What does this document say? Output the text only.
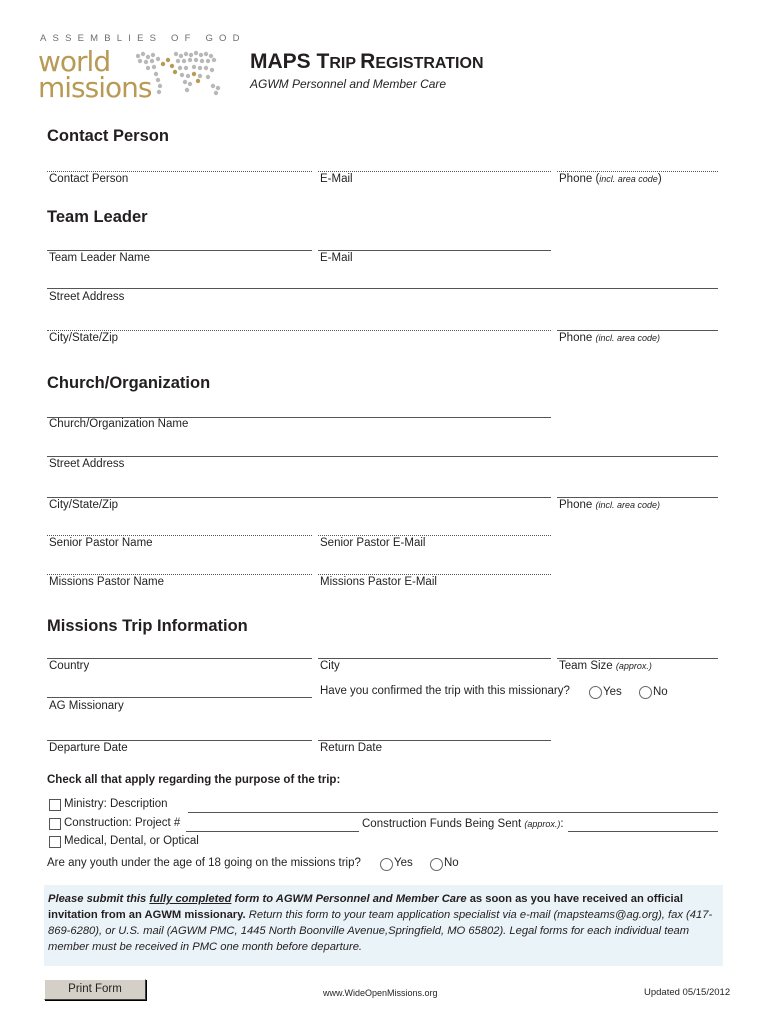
ASSEMBLIES OF GOD
world
missions
MAPS TRIP REGISTRATION
AGWM Personnel and Member Care
Contact Person
Contact Person	E-Mail	Phone (incl. area code)
Team Leader
Team Leader Name	E-Mail
Street Address
City/State/Zip	Phone (incl. area code)
Church/Organization
Church/Organization Name
Street Address
City/State/Zip	Phone (incl. area code)
Senior Pastor Name	Senior Pastor E-Mail
Missions Pastor Name	Missions Pastor E-Mail
Missions Trip Information
Country	City	Team Size (approx.)
AG Missionary
Have you confirmed the trip with this missionary?	Yes	No
Departure Date	Return Date
Check all that apply regarding the purpose of the trip:
Ministry: Description
Construction: Project #	Construction Funds Being Sent (approx.):
Medical, Dental, or Optical
Are any youth under the age of 18 going on the missions trip?	Yes	No
Please submit this fully completed form to AGWM Personnel and Member Care as soon as you have received an official invitation from an AGWM missionary. Return this form to your team application specialist via e-mail (mapsteams@ag.org), fax (417-869-6280), or U.S. mail (AGWM PMC, 1445 North Boonville Avenue,Springfield, MO 65802). Legal forms for each individual team member must be received in PMC one month before departure.
Print Form	www.WideOpenMissions.org	Updated 05/15/2012
